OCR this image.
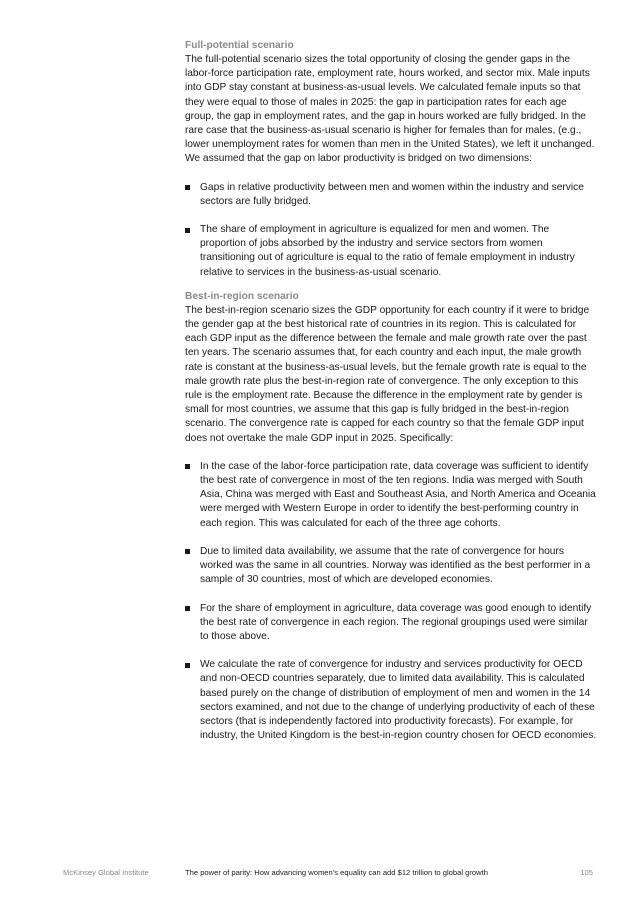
Full-potential scenario

The full-potential scenario sizes the total opportunity of closing the gender gaps in the labor-force participation rate, employment rate, hours worked, and sector mix. Male inputs into GDP stay constant at business-as-usual levels. We calculated female inputs so that they were equal to those of males in 2025: the gap in participation rates for each age group, the gap in employment rates, and the gap in hours worked are fully bridged. In the rare case that the business-as-usual scenario is higher for females than for males, (e.g., lower unemployment rates for women than men in the United States), we left it unchanged. We assumed that the gap on labor productivity is bridged on two dimensions:

Gaps in relative productivity between men and women within the industry and service sectors are fully bridged.
The share of employment in agriculture is equalized for men and women. The proportion of jobs absorbed by the industry and service sectors from women transitioning out of agriculture is equal to the ratio of female employment in industry relative to services in the business-as-usual scenario.
Best-in-region scenario

The best-in-region scenario sizes the GDP opportunity for each country if it were to bridge the gender gap at the best historical rate of countries in its region. This is calculated for each GDP input as the difference between the female and male growth rate over the past ten years. The scenario assumes that, for each country and each input, the male growth rate is constant at the business-as-usual levels, but the female growth rate is equal to the male growth rate plus the best-in-region rate of convergence. The only exception to this rule is the employment rate. Because the difference in the employment rate by gender is small for most countries, we assume that this gap is fully bridged in the best-in-region scenario. The convergence rate is capped for each country so that the female GDP input does not overtake the male GDP input in 2025. Specifically:

In the case of the labor-force participation rate, data coverage was sufficient to identify the best rate of convergence in most of the ten regions. India was merged with South Asia, China was merged with East and Southeast Asia, and North America and Oceania were merged with Western Europe in order to identify the best-performing country in each region. This was calculated for each of the three age cohorts.
Due to limited data availability, we assume that the rate of convergence for hours worked was the same in all countries. Norway was identified as the best performer in a sample of 30 countries, most of which are developed economies.
For the share of employment in agriculture, data coverage was good enough to identify the best rate of convergence in each region. The regional groupings used were similar to those above.
We calculate the rate of convergence for industry and services productivity for OECD and non-OECD countries separately, due to limited data availability. This is calculated based purely on the change of distribution of employment of men and women in the 14 sectors examined, and not due to the change of underlying productivity of each of these sectors (that is independently factored into productivity forecasts). For example, for industry, the United Kingdom is the best-in-region country chosen for OECD economies.
McKinsey Global Institute	The power of parity: How advancing women’s equality can add $12 trillion to global growth	105
